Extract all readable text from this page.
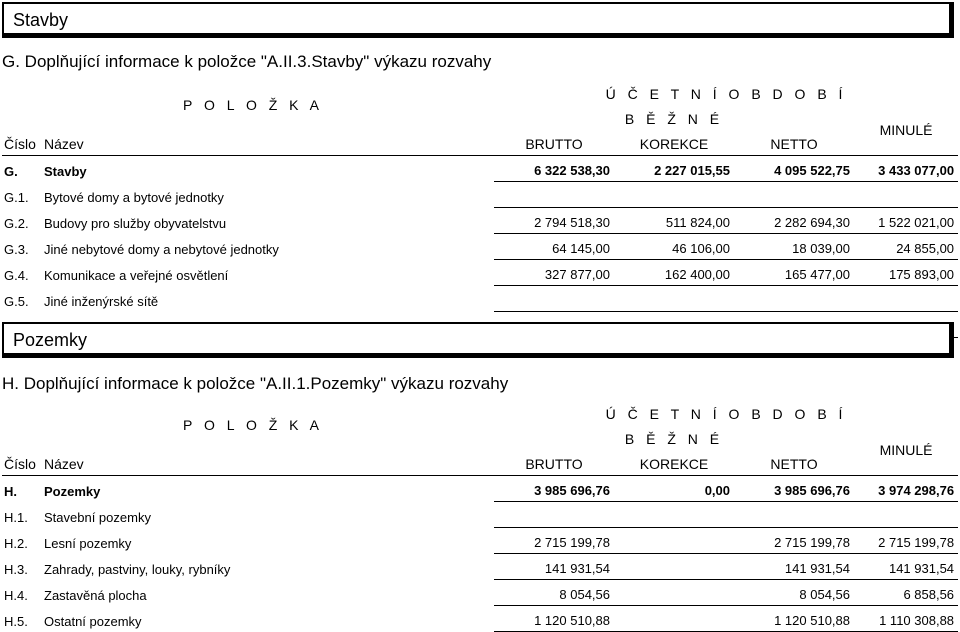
Stavby
G. Doplňující informace k položce "A.II.3.Stavby" výkazu rozvahy
P O L O Ž K A		Ú Č E T N Í O B D O B Í			
		B Ě Ž N É			MINULÉ
Číslo	Název	BRUTTO	KOREKCE	NETTO	
G.	Stavby	6 322 538,30	2 227 015,55	4 095 522,75	3 433 077,00
G.1.	Bytové domy a bytové jednotky				
G.2.	Budovy pro služby obyvatelstvu	2 794 518,30	511 824,00	2 282 694,30	1 522 021,00
G.3.	Jiné nebytové domy a nebytové jednotky	64 145,00	46 106,00	18 039,00	24 855,00
G.4.	Komunikace a veřejné osvětlení	327 877,00	162 400,00	165 477,00	175 893,00
G.5.	Jiné inženýrské sítě				

Pozemky
H. Doplňující informace k položce "A.II.1.Pozemky" výkazu rozvahy
P O L O Ž K A		Ú Č E T N Í O B D O B Í			
		B Ě Ž N É			MINULÉ
Číslo	Název	BRUTTO	KOREKCE	NETTO	
H.	Pozemky	3 985 696,76	0,00	3 985 696,76	3 974 298,76
H.1.	Stavební pozemky				
H.2.	Lesní pozemky	2 715 199,78		2 715 199,78	2 715 199,78
H.3.	Zahrady, pastviny, louky, rybníky	141 931,54		141 931,54	141 931,54
H.4.	Zastavěná plocha	8 054,56		8 054,56	6 858,56
H.5.	Ostatní pozemky	1 120 510,88		1 120 510,88	1 110 308,88
